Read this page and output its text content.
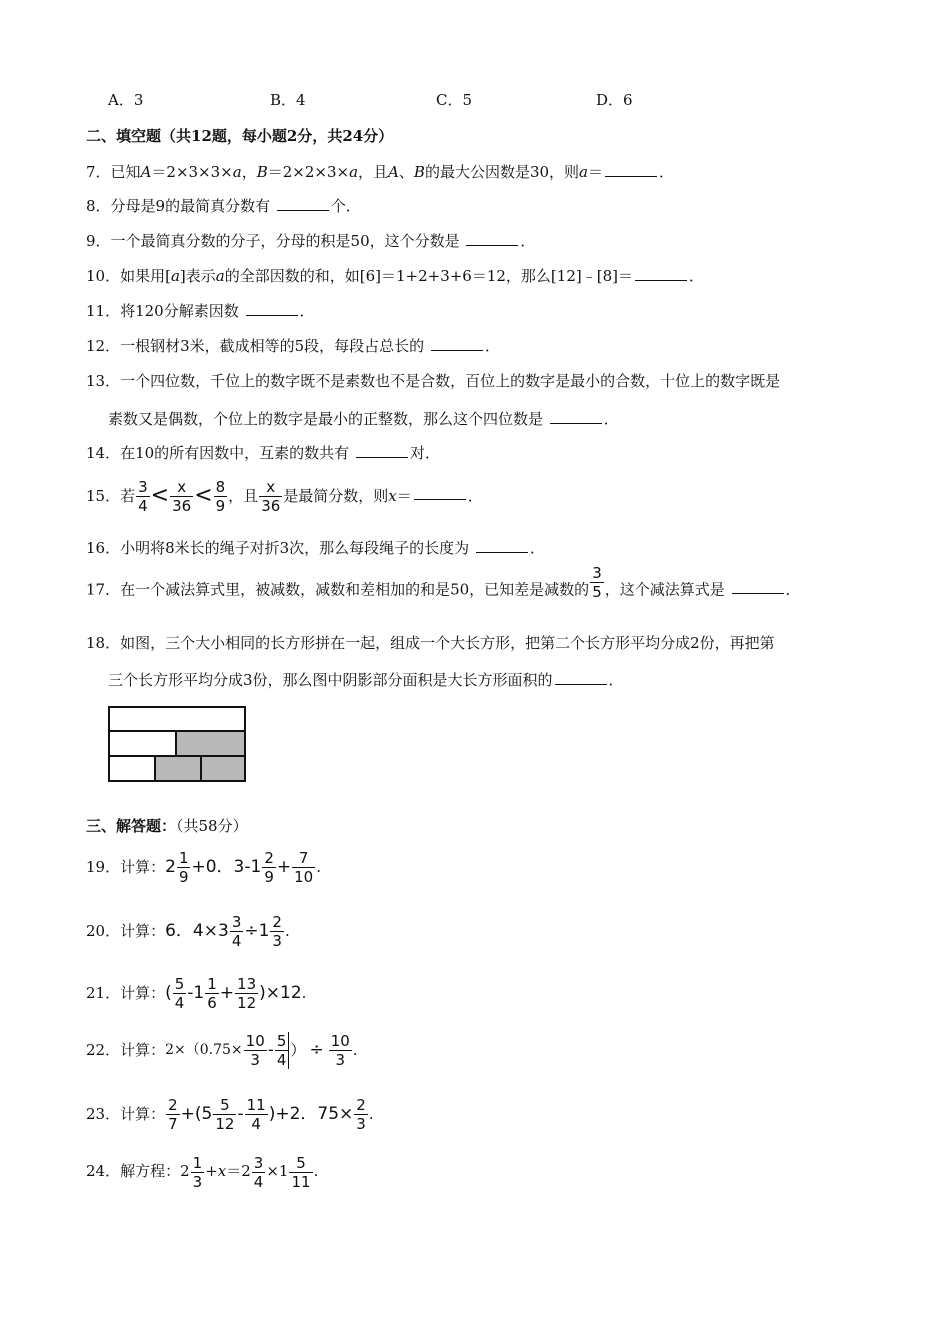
A．3	B．4	C．5	D．6
二、填空题（共12题，每小题2分，共24分）
7．已知A＝2×3×3×a，B＝2×2×3×a，且A、B的最大公因数是30，则a＝	．
8．分母是9的最简真分数有	个．
9．一个最简真分数的分子，分母的积是50，这个分数是	．
10．如果用[a]表示a的全部因数的和，如[6]＝1+2+3+6＝12，那么[12]﹣[8]＝	．
11．将120分解素因数	．
12．一根钢材3米，截成相等的5段，每段占总长的	．
13．一个四位数，千位上的数字既不是素数也不是合数，百位上的数字是最小的合数，十位上的数字既是
素数又是偶数，个位上的数字是最小的正整数，那么这个四位数是	．
14．在10的所有因数中，互素的数共有	对．
15．若 $\frac{3}{4} < \frac{x}{36} < \frac{8}{9}$ ，且 $\frac{x}{36}$ 是最简分数，则x＝	．
16．小明将8米长的绳子对折3次，那么每段绳子的长度为	．
17．在一个减法算式里，被减数，减数和差相加的和是50，已知差是减数的 $\frac{3}{5}$ ，这个减法算式是	．
18．如图，三个大小相同的长方形拼在一起，组成一个大长方形，把第二个长方形平均分成2份，再把第
三个长方形平均分成3份，那么图中阴影部分面积是大长方形面积的	．
三、解答题：（共58分）
19．计算：$2 \frac{1}{9} +0$．$3-1 \frac{2}{9} + \frac{7}{10}$ .
20．计算：6．$4\times 3 \frac{3}{4} \div 1 \frac{2}{3}$ .
21．计算：( $\frac{5}{4} -1 \frac{1}{6} + \frac{13}{12} )\times 12$.
22．计算：$2\times(0.75\times \frac{10}{3} - \frac{5}{4}$ ） ÷ $\frac{10}{3}$ .
23．计算： $\frac{2}{7} +(5 \frac{5}{12} - \frac{11}{4} )+2$．$75\times \frac{2}{3}$ .
24．解方程：$2 \frac{1}{3} +x=2 \frac{3}{4} \times 1 \frac{5}{11}$ .
